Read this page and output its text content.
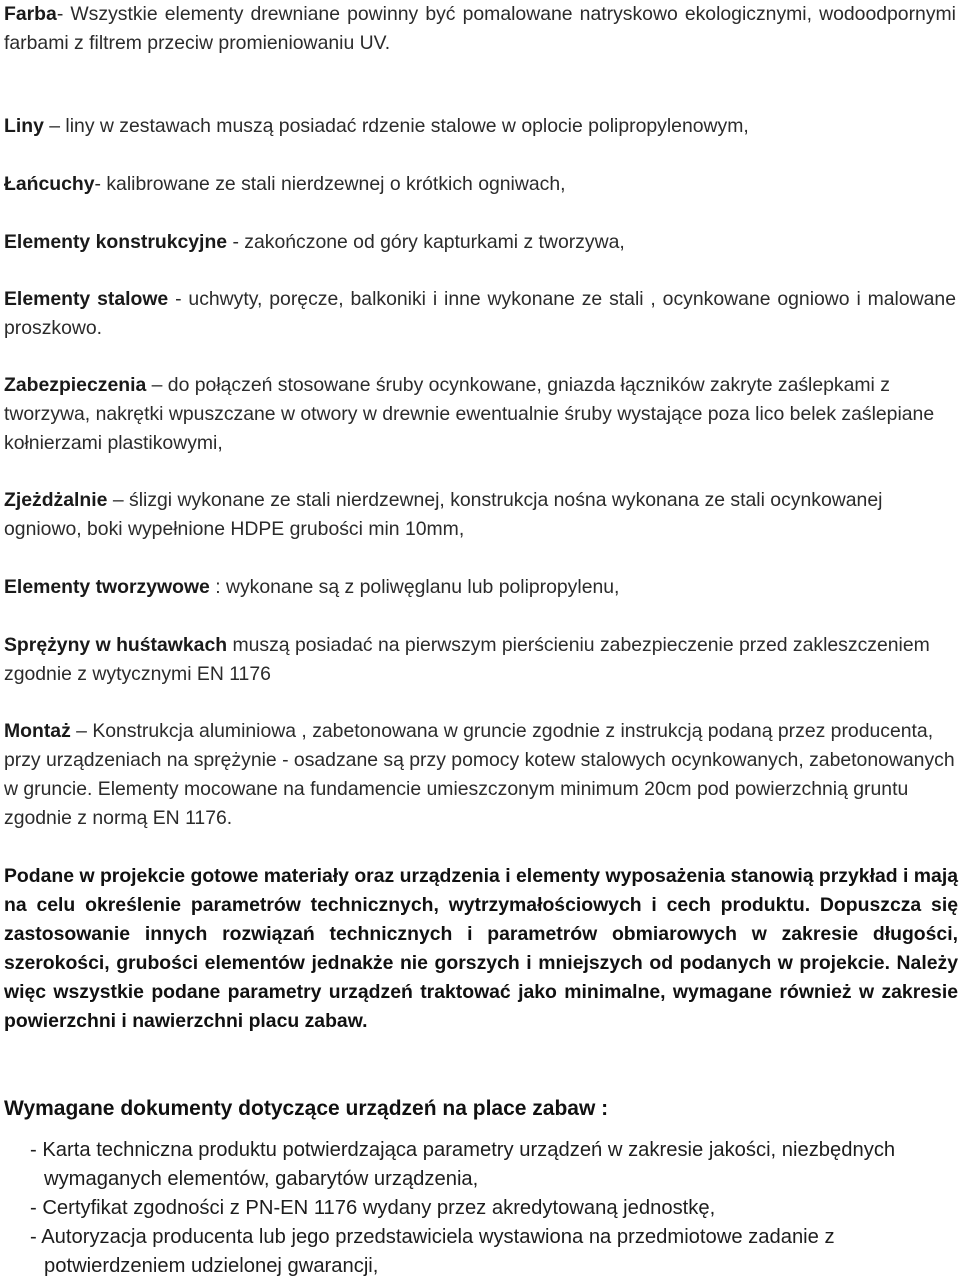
Farba- Wszystkie elementy drewniane powinny być pomalowane natryskowo ekologicznymi, wodoodpornymi farbami z filtrem przeciw promieniowaniu UV.

Liny – liny w zestawach muszą posiadać rdzenie stalowe w oplocie polipropylenowym,

Łańcuchy- kalibrowane ze stali nierdzewnej o krótkich ogniwach,

Elementy konstrukcyjne - zakończone od góry kapturkami z tworzywa,

Elementy stalowe - uchwyty, poręcze, balkoniki i inne wykonane ze stali , ocynkowane ogniowo i malowane proszkowo.

Zabezpieczenia – do połączeń stosowane śruby ocynkowane, gniazda łączników zakryte zaślepkami z tworzywa, nakrętki wpuszczane w otwory w drewnie ewentualnie śruby wystające poza lico belek zaślepiane kołnierzami plastikowymi,

Zjeżdżalnie – ślizgi wykonane ze stali nierdzewnej, konstrukcja nośna wykonana ze stali ocynkowanej ogniowo, boki wypełnione HDPE grubości min 10mm,

Elementy tworzywowe : wykonane są z poliwęglanu lub polipropylenu,

Sprężyny w huśtawkach muszą posiadać na pierwszym pierścieniu zabezpieczenie przed zakleszczeniem zgodnie z wytycznymi EN 1176

Montaż – Konstrukcja aluminiowa , zabetonowana w gruncie zgodnie z instrukcją podaną przez producenta, przy urządzeniach na sprężynie - osadzane są przy pomocy kotew stalowych ocynkowanych, zabetonowanych w gruncie. Elementy mocowane na fundamencie umieszczonym minimum 20cm pod powierzchnią gruntu zgodnie z normą EN 1176.

Podane w projekcie gotowe materiały oraz urządzenia i elementy wyposażenia stanowią przykład i mają na celu określenie parametrów technicznych, wytrzymałościowych i cech produktu. Dopuszcza się zastosowanie innych rozwiązań technicznych i parametrów obmiarowych w zakresie długości, szerokości, grubości elementów jednakże nie gorszych i mniejszych od podanych w projekcie. Należy więc wszystkie podane parametry urządzeń traktować jako minimalne, wymagane również w zakresie powierzchni i nawierzchni placu zabaw.

Wymagane dokumenty dotyczące urządzeń na place zabaw :

- Karta techniczna produktu potwierdzająca parametry urządzeń w zakresie jakości, niezbędnych wymaganych elementów, gabarytów urządzenia,
- Certyfikat zgodności z PN-EN 1176 wydany przez akredytowaną jednostkę,
- Autoryzacja producenta lub jego przedstawiciela wystawiona na przedmiotowe zadanie z potwierdzeniem udzielonej gwarancji,
